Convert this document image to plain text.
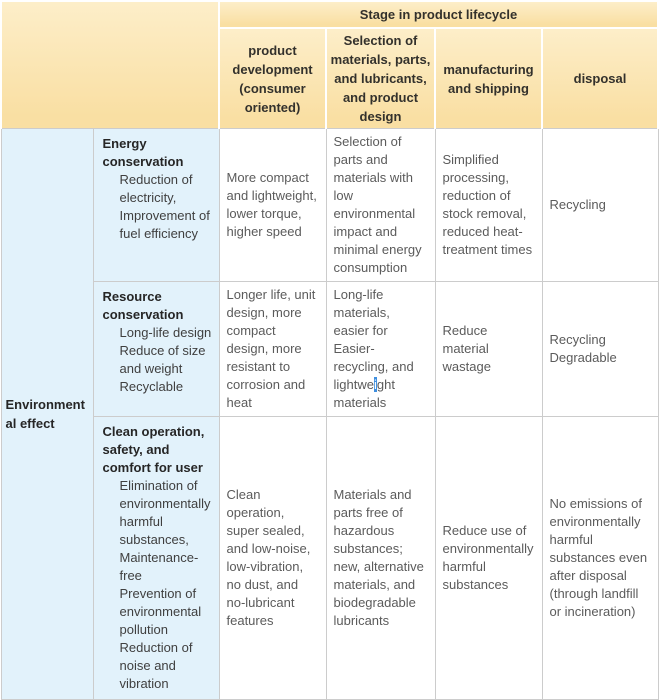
		Stage in product lifecycle			
		product development (consumer oriented)	Selection of materials, parts, and lubricants, and product design	manufacturing and shipping	disposal
Environmental effect	Energy conservation
Reduction of electricity,
Improvement of fuel efficiency	More compact and lightweight, lower torque, higher speed	Selection of parts and materials with low environmental impact and minimal energy consumption	Simplified processing, reduction of stock removal, reduced heat-treatment times	Recycling

	Resource conservation
Long-life design
Reduce of size and weight
Recyclable	Longer life, unit design, more compact design, more resistant to corrosion and heat	Long-life materials, easier for Easier-recycling, and lightweight materials	Reduce material wastage	Recycling Degradable

	Clean operation, safety, and comfort for user
Elimination of environmentally harmful substances,
Maintenance-free
Prevention of environmental pollution
Reduction of noise and vibration	Clean operation, super sealed, and low-noise, low-vibration, no dust, and no-lubricant features	Materials and parts free of hazardous substances; new, alternative materials, and biodegradable lubricants	Reduce use of environmentally harmful substances	No emissions of environmentally harmful substances even after disposal (through landfill or incineration)
